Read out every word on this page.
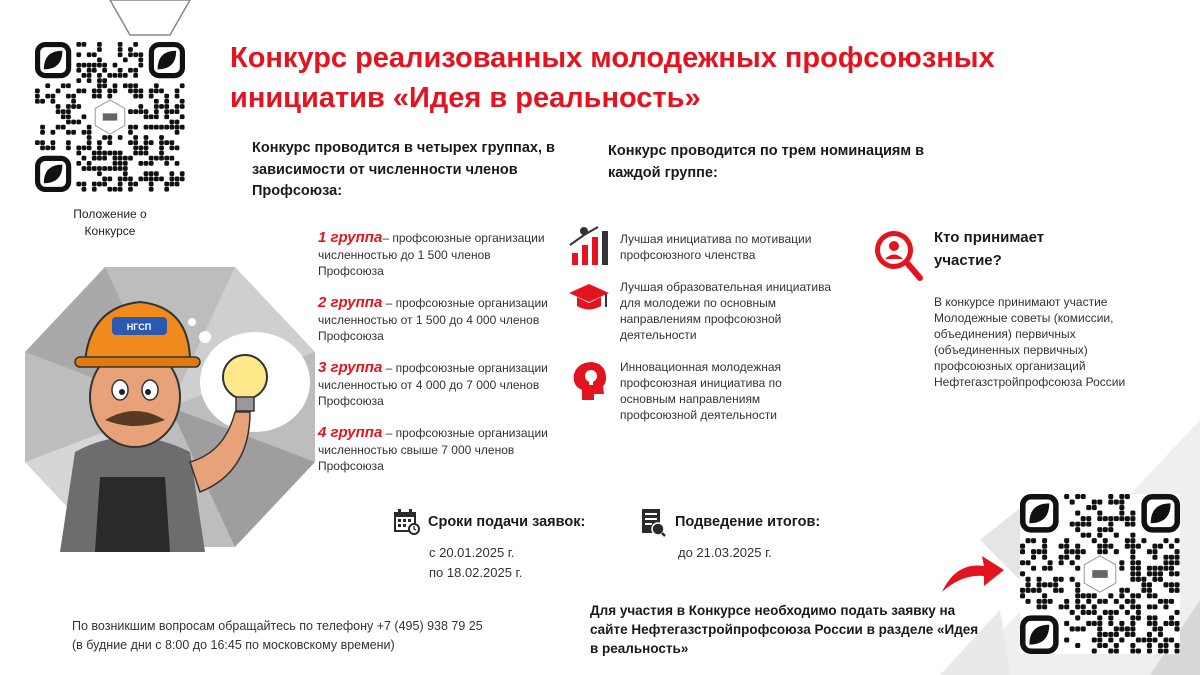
Конкурс реализованных молодежных профсоюзных инициатив «Идея в реальность»
Положение о Конкурсе
НГСП
Конкурс проводится в четырех группах, в зависимости от численности членов Профсоюза:
1 группа– профсоюзные организации численностью до 1 500 членов Профсоюза
2 группа – профсоюзные организации численностью от 1 500 до 4 000 членов Профсоюза
3 группа – профсоюзные организации численностью от 4 000 до 7 000 членов Профсоюза
4 группа – профсоюзные организации численностью свыше 7 000 членов Профсоюза
Конкурс проводится по трем номинациям в каждой группе:
Лучшая инициатива по мотивации профсоюзного членства
Лучшая образовательная инициатива для молодежи по основным направлениям профсоюзной деятельности
Инновационная молодежная профсоюзная инициатива по основным направлениям профсоюзной деятельности
Кто принимает участие?
В конкурсе принимают участие Молодежные советы (комиссии, объединения) первичных (объединенных первичных) профсоюзных организаций Нефтегазстройпрофсоюза России
Сроки подачи заявок:
с 20.01.2025 г.
по 18.02.2025 г.
Подведение итогов:
до 21.03.2025 г.
По возникшим вопросам обращайтесь по телефону +7 (495) 938 79 25
(в будние дни с 8:00 до 16:45 по московскому времени)
Для участия в Конкурсе необходимо подать заявку на сайте Нефтегазстройпрофсоюза России в разделе «Идея в реальность»
